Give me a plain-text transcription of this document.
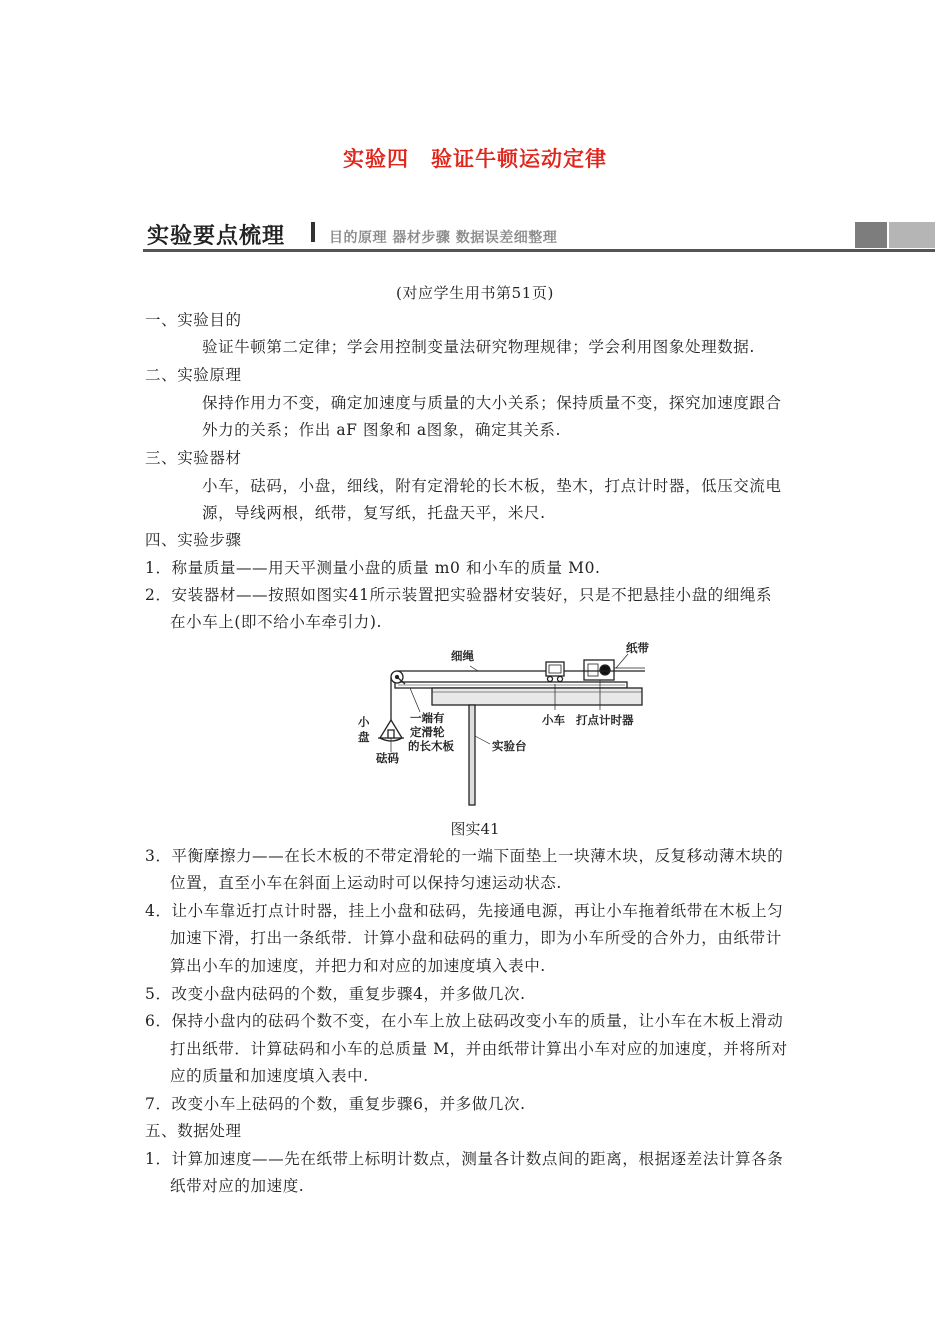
实验四　验证牛顿运动定律
实验要点梳理	目的原理 器材步骤 数据误差细整理
(对应学生用书第51页)
一、实验目的
验证牛顿第二定律；学会用控制变量法研究物理规律；学会利用图象处理数据.
二、实验原理
保持作用力不变，确定加速度与质量的大小关系；保持质量不变，探究加速度跟合
外力的关系；作出 aF 图象和 a图象，确定其关系.
三、实验器材
小车，砝码，小盘，细线，附有定滑轮的长木板，垫木，打点计时器，低压交流电
源，导线两根，纸带，复写纸，托盘天平，米尺.
四、实验步骤
1．称量质量——用天平测量小盘的质量 m0 和小车的质量 M0.
2．安装器材——按照如图实41所示装置把实验器材安装好，只是不把悬挂小盘的细绳系
在小车上(即不给小车牵引力).
细绳
纸带
小车 打点计时器
小
盘
一端有
定滑轮
的长木板	实验台
砝码
图实41
3．平衡摩擦力——在长木板的不带定滑轮的一端下面垫上一块薄木块，反复移动薄木块的
位置，直至小车在斜面上运动时可以保持匀速运动状态.
4．让小车靠近打点计时器，挂上小盘和砝码，先接通电源，再让小车拖着纸带在木板上匀
加速下滑，打出一条纸带．计算小盘和砝码的重力，即为小车所受的合外力，由纸带计
算出小车的加速度，并把力和对应的加速度填入表中.
5．改变小盘内砝码的个数，重复步骤4，并多做几次.
6．保持小盘内的砝码个数不变，在小车上放上砝码改变小车的质量，让小车在木板上滑动
打出纸带．计算砝码和小车的总质量 M，并由纸带计算出小车对应的加速度，并将所对
应的质量和加速度填入表中.
7．改变小车上砝码的个数，重复步骤6，并多做几次.
五、数据处理
1．计算加速度——先在纸带上标明计数点，测量各计数点间的距离，根据逐差法计算各条
纸带对应的加速度.
